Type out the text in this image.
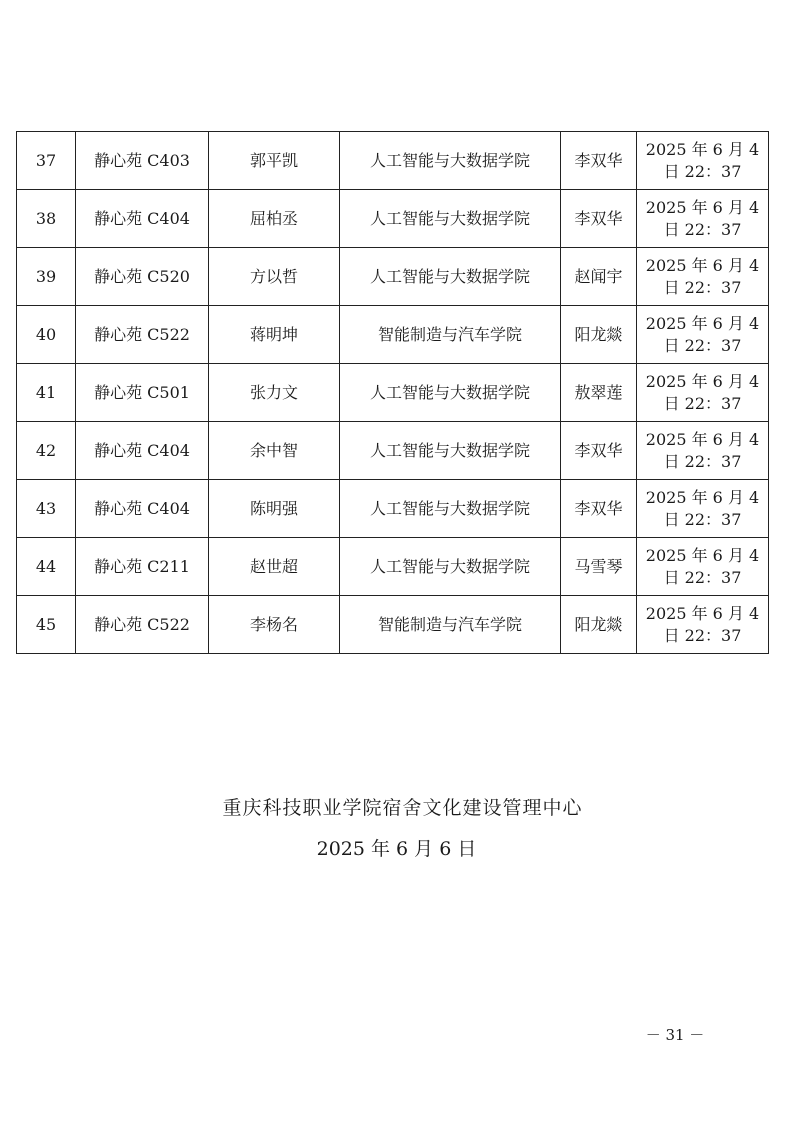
37	静心苑 C403	郭平凯	人工智能与大数据学院	李双华	2025 年 6 月 4
日 22：37

38	静心苑 C404	屈柏丞	人工智能与大数据学院	李双华	2025 年 6 月 4
日 22：37

39	静心苑 C520	方以哲	人工智能与大数据学院	赵闻宇	2025 年 6 月 4
日 22：37

40	静心苑 C522	蒋明坤	智能制造与汽车学院	阳龙燚	2025 年 6 月 4
日 22：37

41	静心苑 C501	张力文	人工智能与大数据学院	敖翠莲	2025 年 6 月 4
日 22：37

42	静心苑 C404	余中智	人工智能与大数据学院	李双华	2025 年 6 月 4
日 22：37

43	静心苑 C404	陈明强	人工智能与大数据学院	李双华	2025 年 6 月 4
日 22：37

44	静心苑 C211	赵世超	人工智能与大数据学院	马雪琴	2025 年 6 月 4
日 22：37

45	静心苑 C522	李杨名	智能制造与汽车学院	阳龙燚	2025 年 6 月 4
日 22：37
重庆科技职业学院宿舍文化建设管理中心
2025 年 6 月 6 日
－ 31 －
